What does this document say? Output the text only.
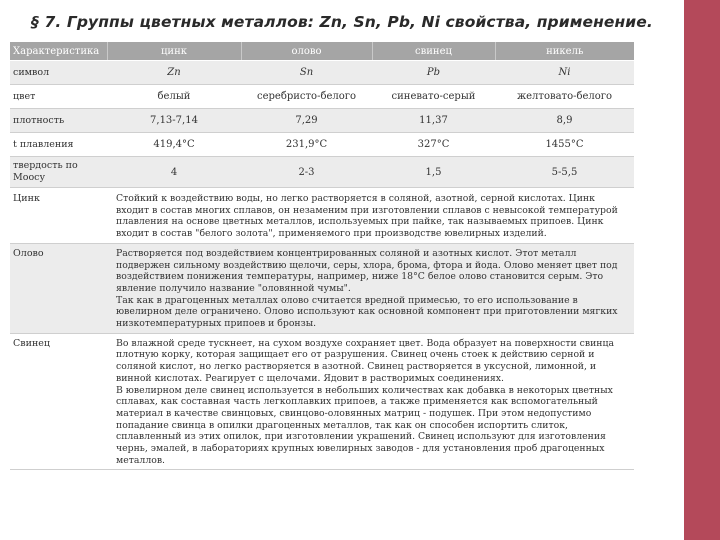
§ 7. Группы цветных металлов: Zn, Sn, Pb, Ni свойства, применение.
Характеристика	цинк	олово	свинец	никель
символ	Zn	Sn	Pb	Ni
цвет	белый	серебристо-белого	синевато-серый	желтовато-белого
плотность	7,13-7,14	7,29	11,37	8,9
t плавления	419,4°C	231,9°C	327°C	1455°C
твердость по Моосу	4	2-3	1,5	5-5,5
Цинк	Стойкий к воздействию воды, но легко растворяется в соляной, азотной, серной кислотах. Цинк входит в состав многих сплавов, он незаменим при изготовлении сплавов с невысокой температурой плавления на основе цветных металлов, используемых при пайке, так называемых припоев. Цинк входит в состав "белого золота", применяемого при производстве ювелирных изделий.

Олово	Растворяется под воздействием концентрированных соляной и азотных кислот. Этот металл подвержен сильному воздействию щелочи, серы, хлора, брома, фтора и йода. Олово меняет цвет под воздействием понижения температуры, например, ниже 18°C белое олово становится серым. Это явление получило название "оловянной чумы".

Так как в драгоценных металлах олово считается вредной примесью, то его использование в ювелирном деле ограничено. Олово используют как основной компонент при приготовлении мягких низкотемпературных припоев и бронзы.

Свинец	Во влажной среде тускнеет, на сухом воздухе сохраняет цвет. Вода образует на поверхности свинца плотную корку, которая защищает его от разрушения. Свинец очень стоек к действию серной и соляной кислот, но легко растворяется в азотной. Свинец растворяется в уксусной, лимонной, и винной кислотах. Реагирует с щелочами. Ядовит в растворимых соединениях.

В ювелирном деле свинец используется в небольших количествах как добавка в некоторых цветных сплавах, как составная часть легкоплавких припоев, а также применяется как вспомогательный материал в качестве свинцовых, свинцово-оловянных матриц - подушек. При этом недопустимо попадание свинца в опилки драгоценных металлов, так как он способен испортить слиток, сплавленный из этих опилок, при изготовлении украшений. Свинец используют для изготовления чернь, эмалей, в лабораториях крупных ювелирных заводов - для установления проб драгоценных металлов.
